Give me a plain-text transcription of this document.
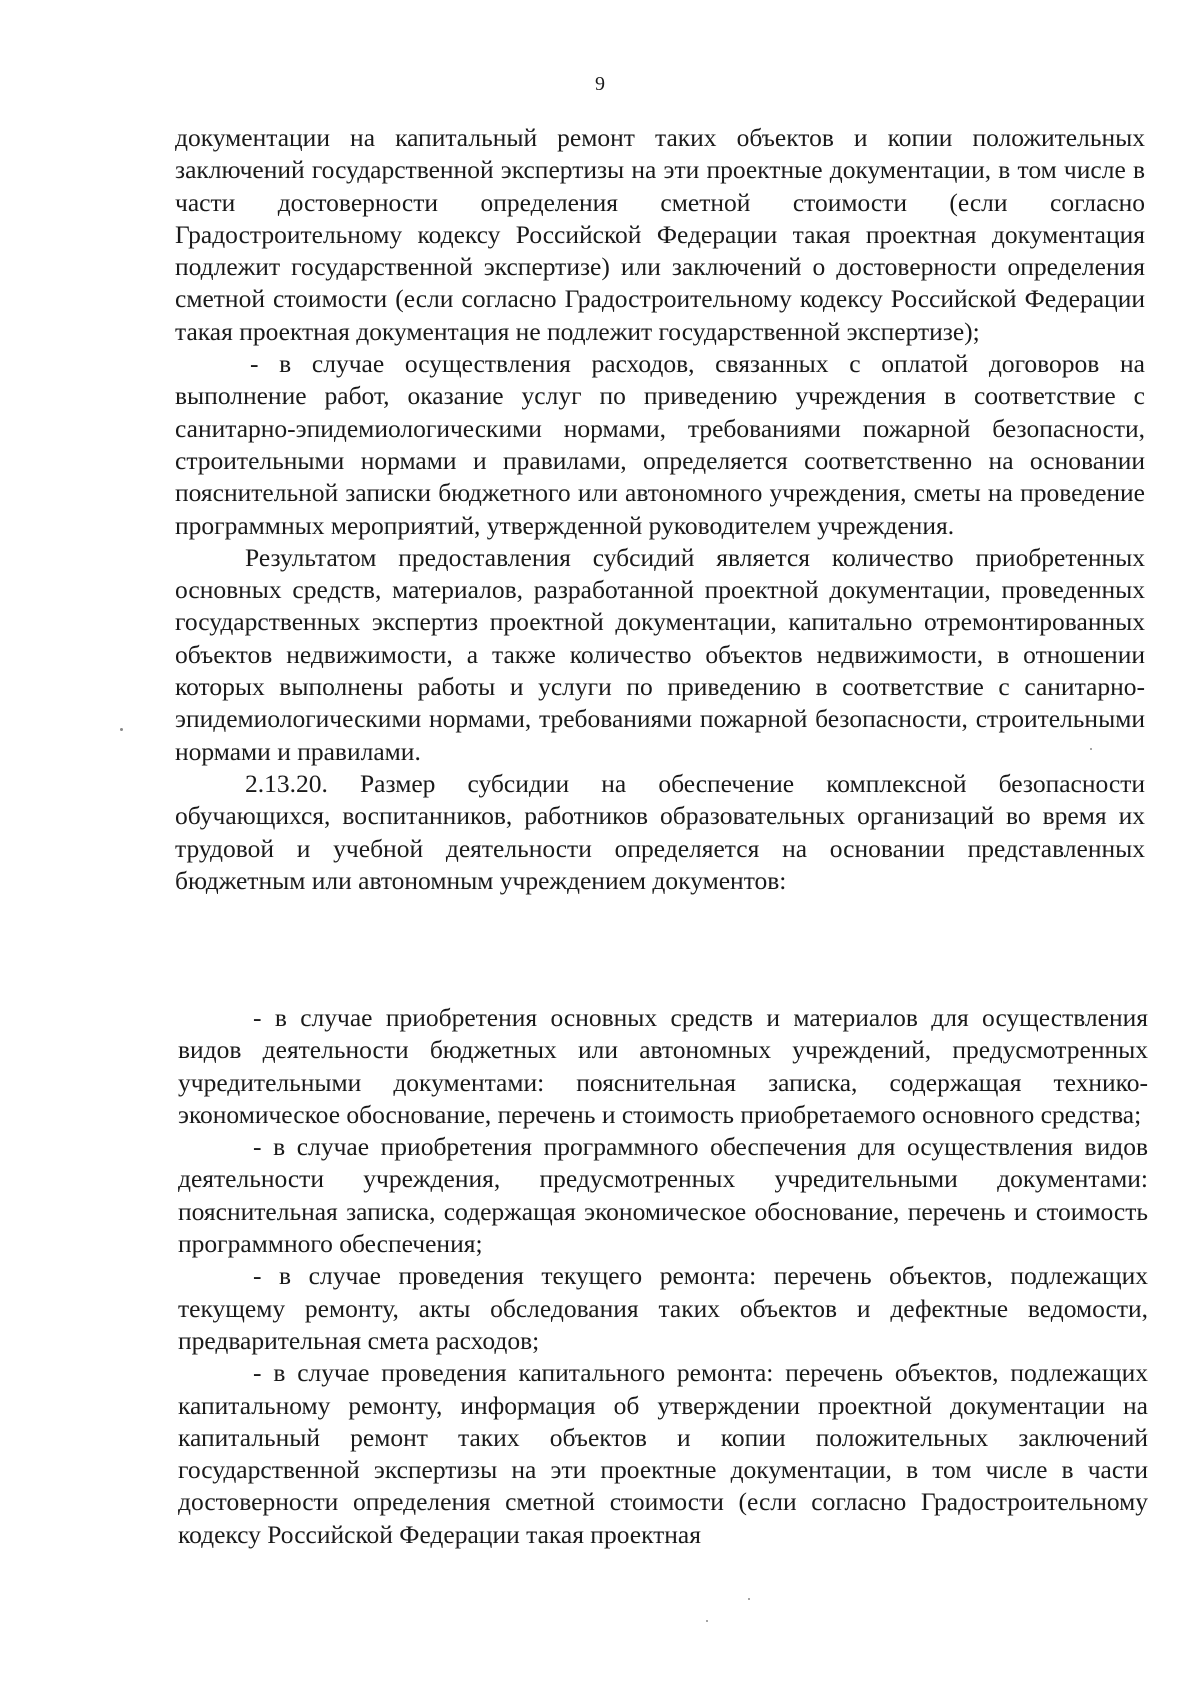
9

документации на капитальный ремонт таких объектов и копии положительных заключений государственной экспертизы на эти проектные документации, в том числе в части достоверности определения сметной стоимости (если согласно Градостроительному кодексу Российской Федерации такая проектная документация подлежит государственной экспертизе) или заключений о достоверности определения сметной стоимости (если согласно Градостроительному кодексу Российской Федерации такая проектная документация не подлежит государственной экспертизе);

- в случае осуществления расходов, связанных с оплатой договоров на выполнение работ, оказание услуг по приведению учреждения в соответствие с санитарно-эпидемиологическими нормами, требованиями пожарной безопасности, строительными нормами и правилами, определяется соответственно на основании пояснительной записки бюджетного или автономного учреждения, сметы на проведение программных мероприятий, утвержденной руководителем учреждения.

Результатом предоставления субсидий является количество приобретенных основных средств, материалов, разработанной проектной документации, проведенных государственных экспертиз проектной документации, капитально отремонтированных объектов недвижимости, а также количество объектов недвижимости, в отношении которых выполнены работы и услуги по приведению в соответствие с санитарно-эпидемиологическими нормами, требованиями пожарной безопасности, строительными нормами и правилами.

2.13.20. Размер субсидии на обеспечение комплексной безопасности обучающихся, воспитанников, работников образовательных организаций во время их трудовой и учебной деятельности определяется на основании представленных бюджетным или автономным учреждением документов:

- в случае приобретения основных средств и материалов для осуществления видов деятельности бюджетных или автономных учреждений, предусмотренных учредительными документами: пояснительная записка, содержащая технико-экономическое обоснование, перечень и стоимость приобретаемого основного средства;

- в случае приобретения программного обеспечения для осуществления видов деятельности учреждения, предусмотренных учредительными документами: пояснительная записка, содержащая экономическое обоснование, перечень и стоимость программного обеспечения;

- в случае проведения текущего ремонта: перечень объектов, подлежащих текущему ремонту, акты обследования таких объектов и дефектные ведомости, предварительная смета расходов;

- в случае проведения капитального ремонта: перечень объектов, подлежащих капитальному ремонту, информация об утверждении проектной документации на капитальный ремонт таких объектов и копии положительных заключений государственной экспертизы на эти проектные документации, в том числе в части достоверности определения сметной стоимости (если согласно Градостроительному кодексу Российской Федерации такая проектная
